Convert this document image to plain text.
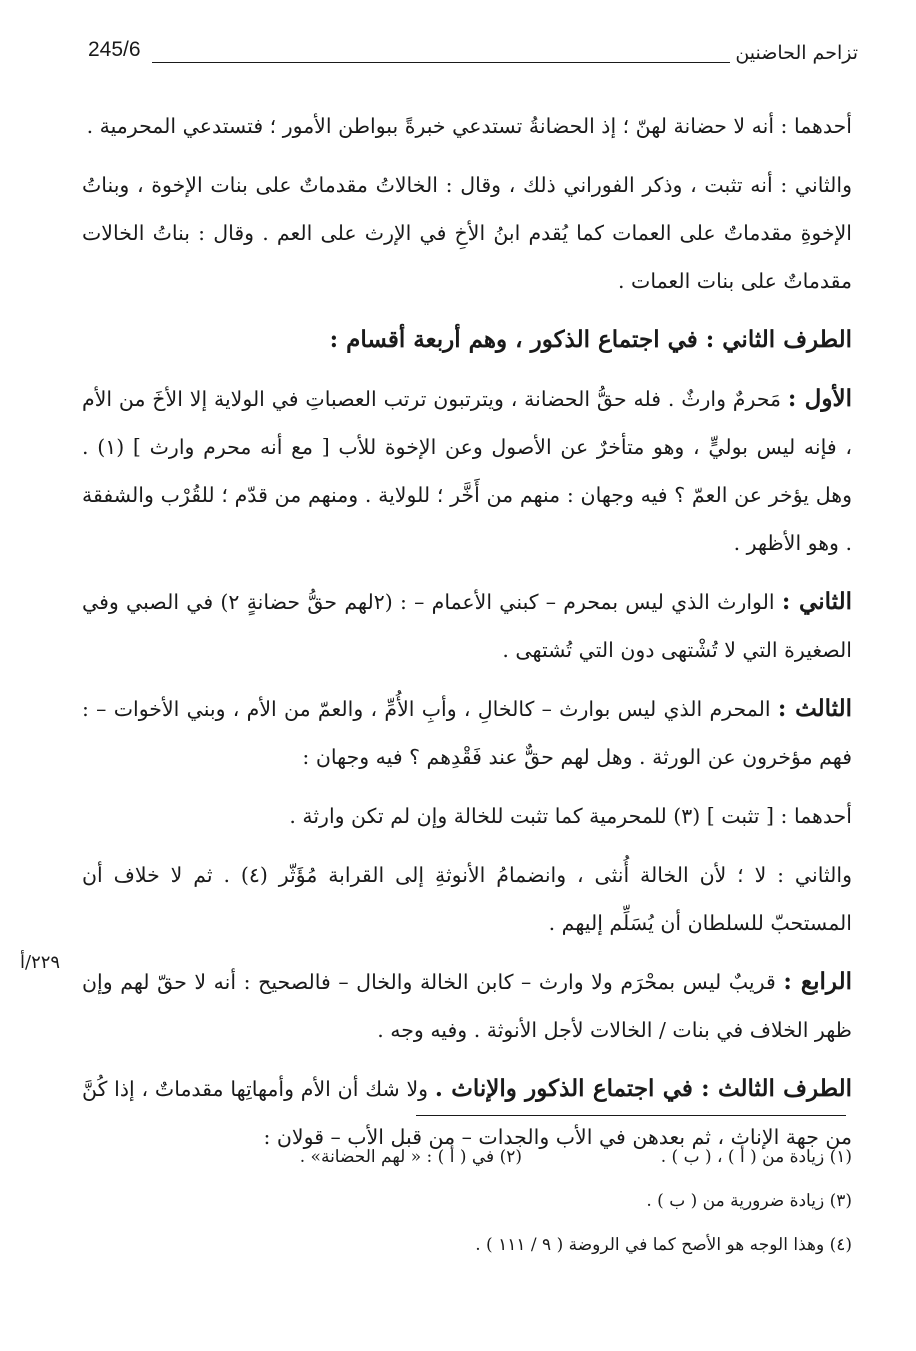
تزاحم الحاضنين
245/6

أحدهما : أنه لا حضانة لهنّ ؛ إذ الحضانةُ تستدعي خبرةً ببواطن الأمور ؛ فتستدعي المحرمية .

والثاني : أنه تثبت ، وذكر الفوراني ذلك ، وقال : الخالاتُ مقدماتٌ على بنات الإخوة ، وبناتُ الإخوةِ مقدماتٌ على العمات كما يُقدم ابنُ الأخِ في الإرث على العم . وقال : بناتُ الخالات مقدماتٌ على بنات العمات .

الطرف الثاني : في اجتماع الذكور ، وهم أربعة أقسام :

الأول : مَحرمٌ وارثٌ . فله حقُّ الحضانة ، ويترتبون ترتب العصباتِ في الولاية إلا الأخَ من الأم ، فإنه ليس بوليٍّ ، وهو متأخرٌ عن الأصول وعن الإخوة للأب [ مع أنه محرم وارث ] (١) . وهل يؤخر عن العمّ ؟ فيه وجهان : منهم من أَخَّر ؛ للولاية . ومنهم من قدّم ؛ للقُرْب والشفقة . وهو الأظهر .

الثاني : الوارث الذي ليس بمحرم – كبني الأعمام – : (٢لهم حقُّ حضانةٍ ٢) في الصبي وفي الصغيرة التي لا تُشْتهى دون التي تُشتهى .

الثالث : المحرم الذي ليس بوارث – كالخالِ ، وأبِ الأُمِّ ، والعمّ من الأم ، وبني الأخوات – : فهم مؤخرون عن الورثة . وهل لهم حقٌّ عند فَقْدِهم ؟ فيه وجهان :

أحدهما : [ تثبت ] (٣) للمحرمية كما تثبت للخالة وإن لم تكن وارثة .

والثاني : لا ؛ لأن الخالة أُنثى ، وانضمامُ الأنوثةِ إلى القرابة مُؤَثّر (٤) . ثم لا خلاف أن المستحبّ للسلطان أن يُسَلِّم إليهم .

الرابع : قريبٌ ليس بمحْرَم ولا وارث – كابن الخالة والخال – فالصحيح : أنه لا حقّ لهم وإن ظهر الخلاف في بنات / الخالات لأجل الأنوثة . وفيه وجه .

الطرف الثالث : في اجتماع الذكور والإناث . ولا شك أن الأم وأمهاتِها مقدماتٌ ، إذا كُنَّ من جهة الإناث ، ثم بعدهن في الأب والجدات – من قبل الأب – قولان :

٢٢٩/أ
(١) زيادة من ( أ ) ، ( ب ) .
(٢) في ( أ ) : « لهم الحضانة» .
(٣) زيادة ضرورية من ( ب ) .
(٤) وهذا الوجه هو الأصح كما في الروضة ( ٩ / ١١١ ) .
